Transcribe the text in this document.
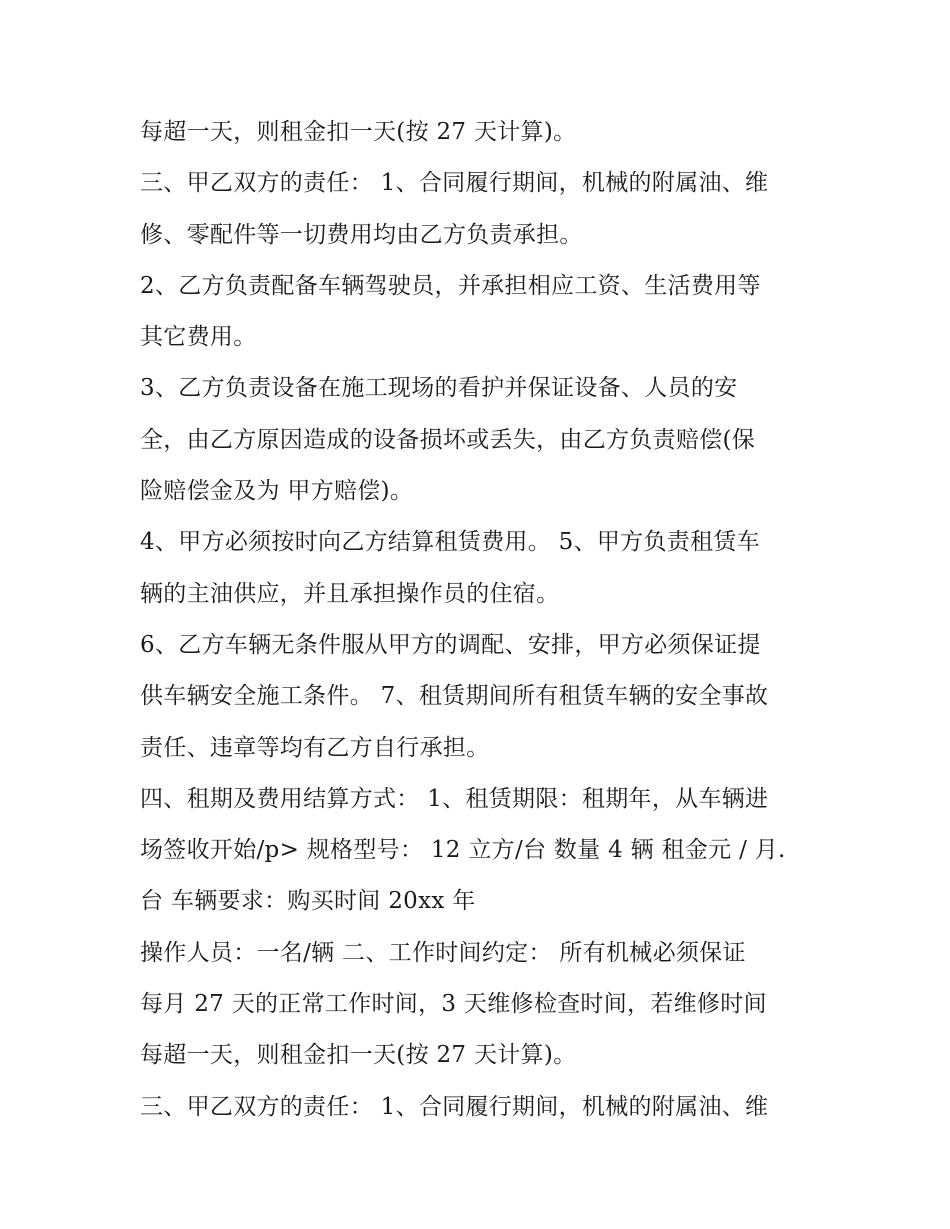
每超一天，则租金扣一天(按 27 天计算)。
三、甲乙双方的责任： 1、合同履行期间，机械的附属油、维
修、零配件等一切费用均由乙方负责承担。
2、乙方负责配备车辆驾驶员，并承担相应工资、生活费用等
其它费用。
3、乙方负责设备在施工现场的看护并保证设备、人员的安
全，由乙方原因造成的设备损坏或丢失，由乙方负责赔偿(保
险赔偿金及为 甲方赔偿)。
4、甲方必须按时向乙方结算租赁费用。 5、甲方负责租赁车
辆的主油供应，并且承担操作员的住宿。
6、乙方车辆无条件服从甲方的调配、安排，甲方必须保证提
供车辆安全施工条件。 7、租赁期间所有租赁车辆的安全事故
责任、违章等均有乙方自行承担。
四、租期及费用结算方式： 1、租赁期限：租期年，从车辆进
场签收开始/p> 规格型号： 12 立方/台 数量 4 辆 租金元 / 月.
台 车辆要求：购买时间 20xx 年
操作人员：一名/辆 二、工作时间约定： 所有机械必须保证
每月 27 天的正常工作时间，3 天维修检查时间，若维修时间
每超一天，则租金扣一天(按 27 天计算)。
三、甲乙双方的责任： 1、合同履行期间，机械的附属油、维
